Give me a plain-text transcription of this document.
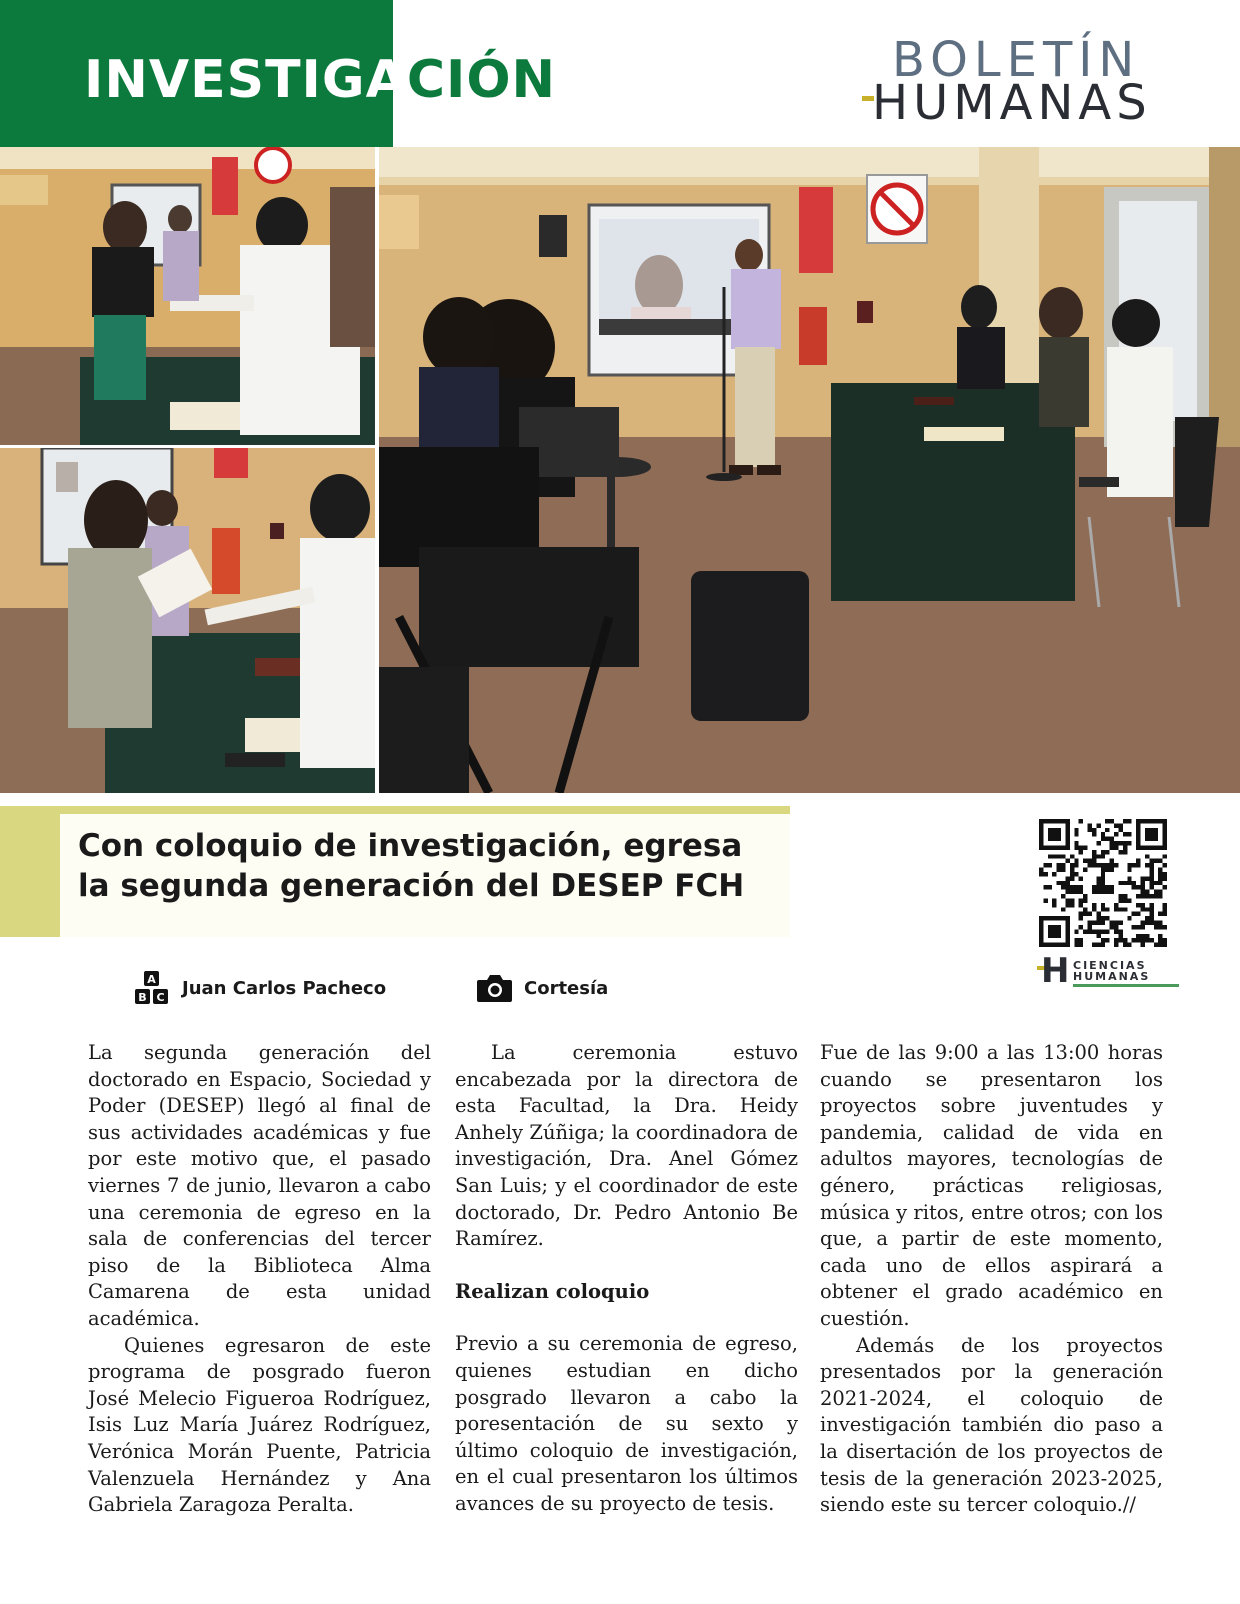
INVESTIGACIÓN	BOLETÍN
HUMANAS
Con coloquio de investigación, egresa la segunda generación del DESEP FCH
H CIENCIAS
HUMANAS
A
B C Juan Carlos Pacheco	Cortesía

La segunda generación del doctorado en Espacio, Sociedad y Poder (DESEP) llegó al final de sus actividades académicas y fue por este motivo que, el pasado viernes 7 de junio, llevaron a cabo una ceremonia de egreso en la sala de conferencias del tercer piso de la Biblioteca Alma Camarena de esta unidad académica.

Quienes egresaron de este programa de posgrado fueron José Melecio Figueroa Rodríguez, Isis Luz María Juárez Rodríguez, Verónica Morán Puente, Patricia Valenzuela Hernández y Ana Gabriela Zaragoza Peralta.

La ceremonia estuvo encabezada por la directora de esta Facultad, la Dra. Heidy Anhely Zúñiga; la coordinadora de investigación, Dra. Anel Gómez San Luis; y el coordinador de este doctorado, Dr. Pedro Antonio Be Ramírez.

Realizan coloquio

Previo a su ceremonia de egreso, quienes estudian en dicho posgrado llevaron a cabo la poresentación de su sexto y último coloquio de investigación, en el cual presentaron los últimos avances de su proyecto de tesis.

Fue de las 9:00 a las 13:00 horas cuando se presentaron los proyectos sobre juventudes y pandemia, calidad de vida en adultos mayores, tecnologías de género, prácticas religiosas, música y ritos, entre otros; con los que, a partir de este momento, cada uno de ellos aspirará a obtener el grado académico en cuestión.

Además de los proyectos presentados por la generación 2021-2024, el coloquio de investigación también dio paso a la disertación de los proyectos de tesis de la generación 2023-2025, siendo este su tercer coloquio.//
